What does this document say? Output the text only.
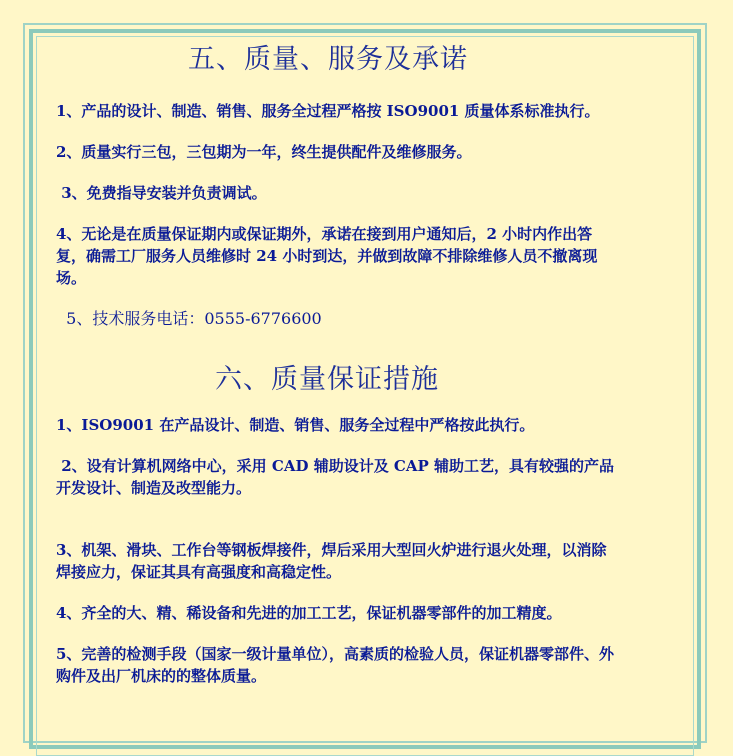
五、质量、服务及承诺

1、产品的设计、制造、销售、服务全过程严格按 ISO9001 质量体系标准执行。

2、质量实行三包，三包期为一年，终生提供配件及维修服务。

3、免费指导安装并负责调试。

4、无论是在质量保证期内或保证期外，承诺在接到用户通知后，2 小时内作出答复，确需工厂服务人员维修时 24 小时到达，并做到故障不排除维修人员不撤离现场。

5、技术服务电话：0555-6776600

六、质量保证措施

1、ISO9001 在产品设计、制造、销售、服务全过程中严格按此执行。

2、设有计算机网络中心，采用 CAD 辅助设计及 CAP 辅助工艺，具有较强的产品开发设计、制造及改型能力。

3、机架、滑块、工作台等钢板焊接件，焊后采用大型回火炉进行退火处理，以消除焊接应力，保证其具有高强度和高稳定性。

4、齐全的大、精、稀设备和先进的加工工艺，保证机器零部件的加工精度。

5、完善的检测手段（国家一级计量单位），高素质的检验人员，保证机器零部件、外购件及出厂机床的的整体质量。
